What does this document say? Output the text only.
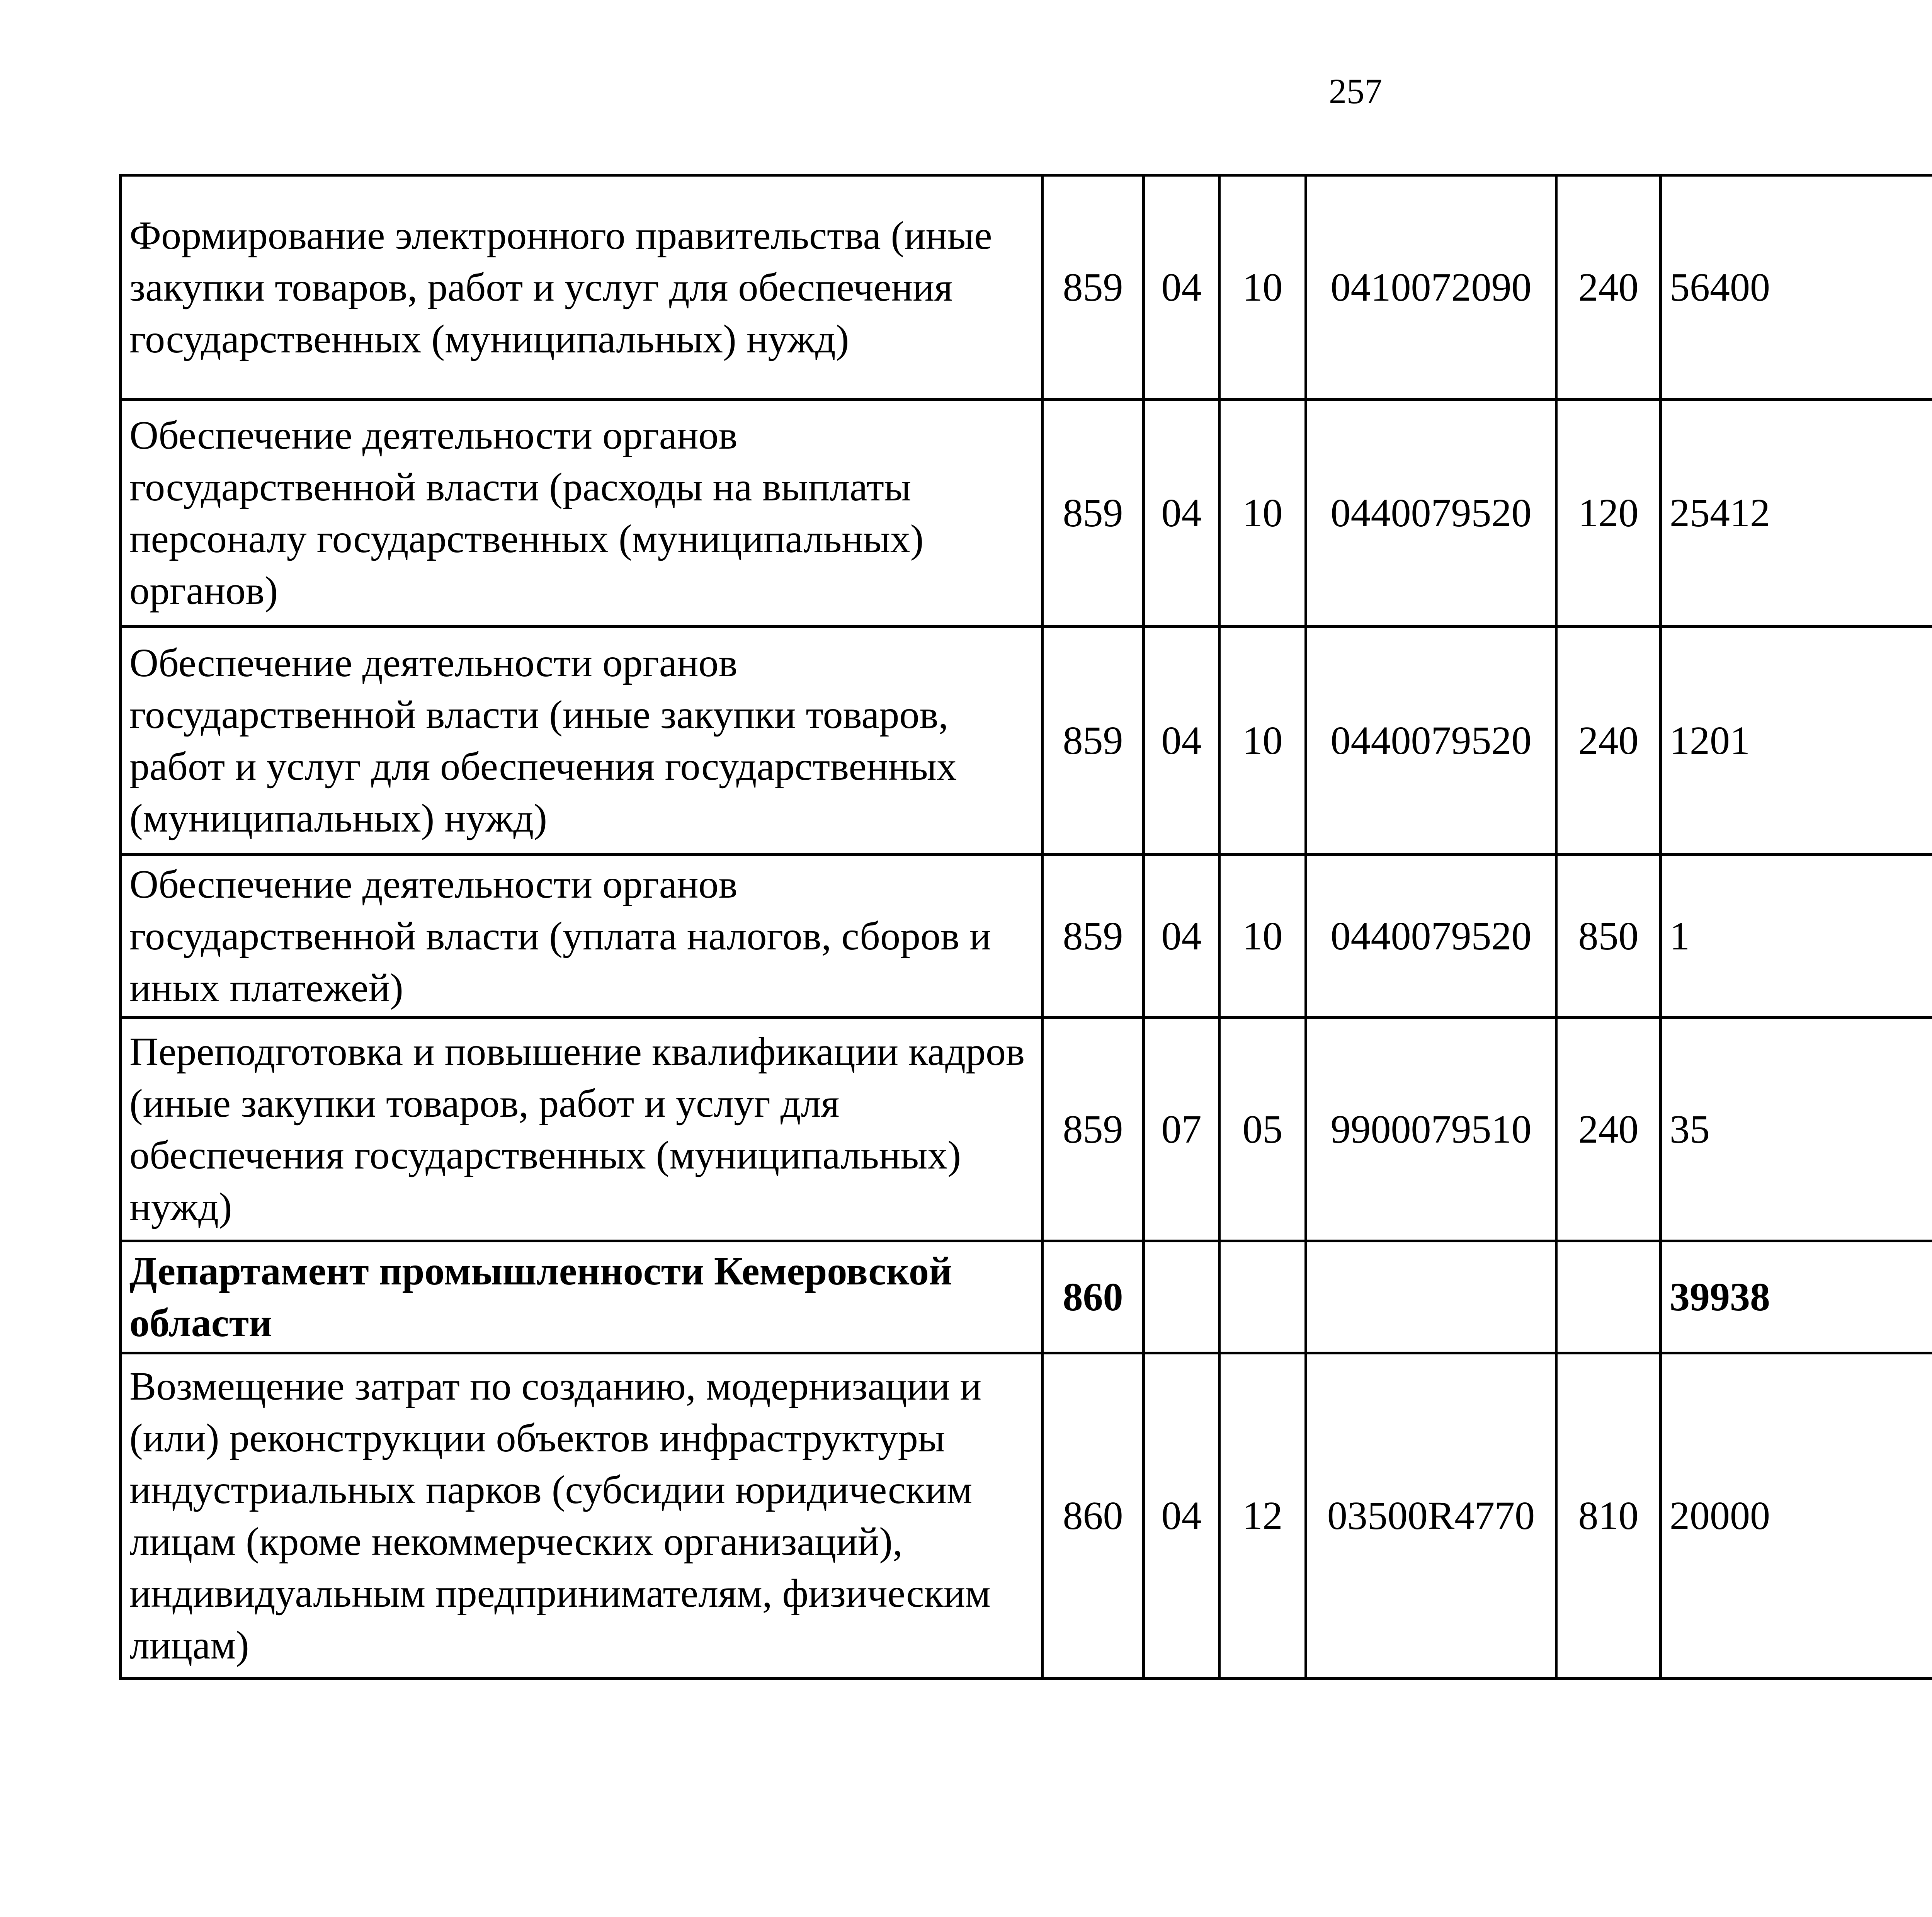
257
Формирование электронного правительства (иные закупки товаров, работ и услуг для обеспечения государственных (муниципальных) нужд)	859	04	10	0410072090	240	56400		
Обеспечение деятельности органов государственной власти (расходы на выплаты персоналу государственных (муниципальных) органов)	859	04	10	0440079520	120	25412		
Обеспечение деятельности органов государственной власти (иные закупки товаров, работ и услуг для обеспечения государственных (муниципальных) нужд)	859	04	10	0440079520	240	1201		
Обеспечение деятельности органов государственной власти (уплата налогов, сборов и иных платежей)	859	04	10	0440079520	850	1		
Переподготовка и повышение квалификации кадров (иные закупки товаров, работ и услуг для обеспечения государственных (муниципальных) нужд)	859	07	05	9900079510	240	35		
Департамент промышленности Кемеровской области	860					39938		
Возмещение затрат по созданию, модернизации и (или) реконструкции объектов инфраструктуры индустриальных парков (субсидии юридическим лицам (кроме некоммерческих организаций), индивидуальным предпринимателям, физическим лицам)	860	04	12	03500R4770	810	20000		
